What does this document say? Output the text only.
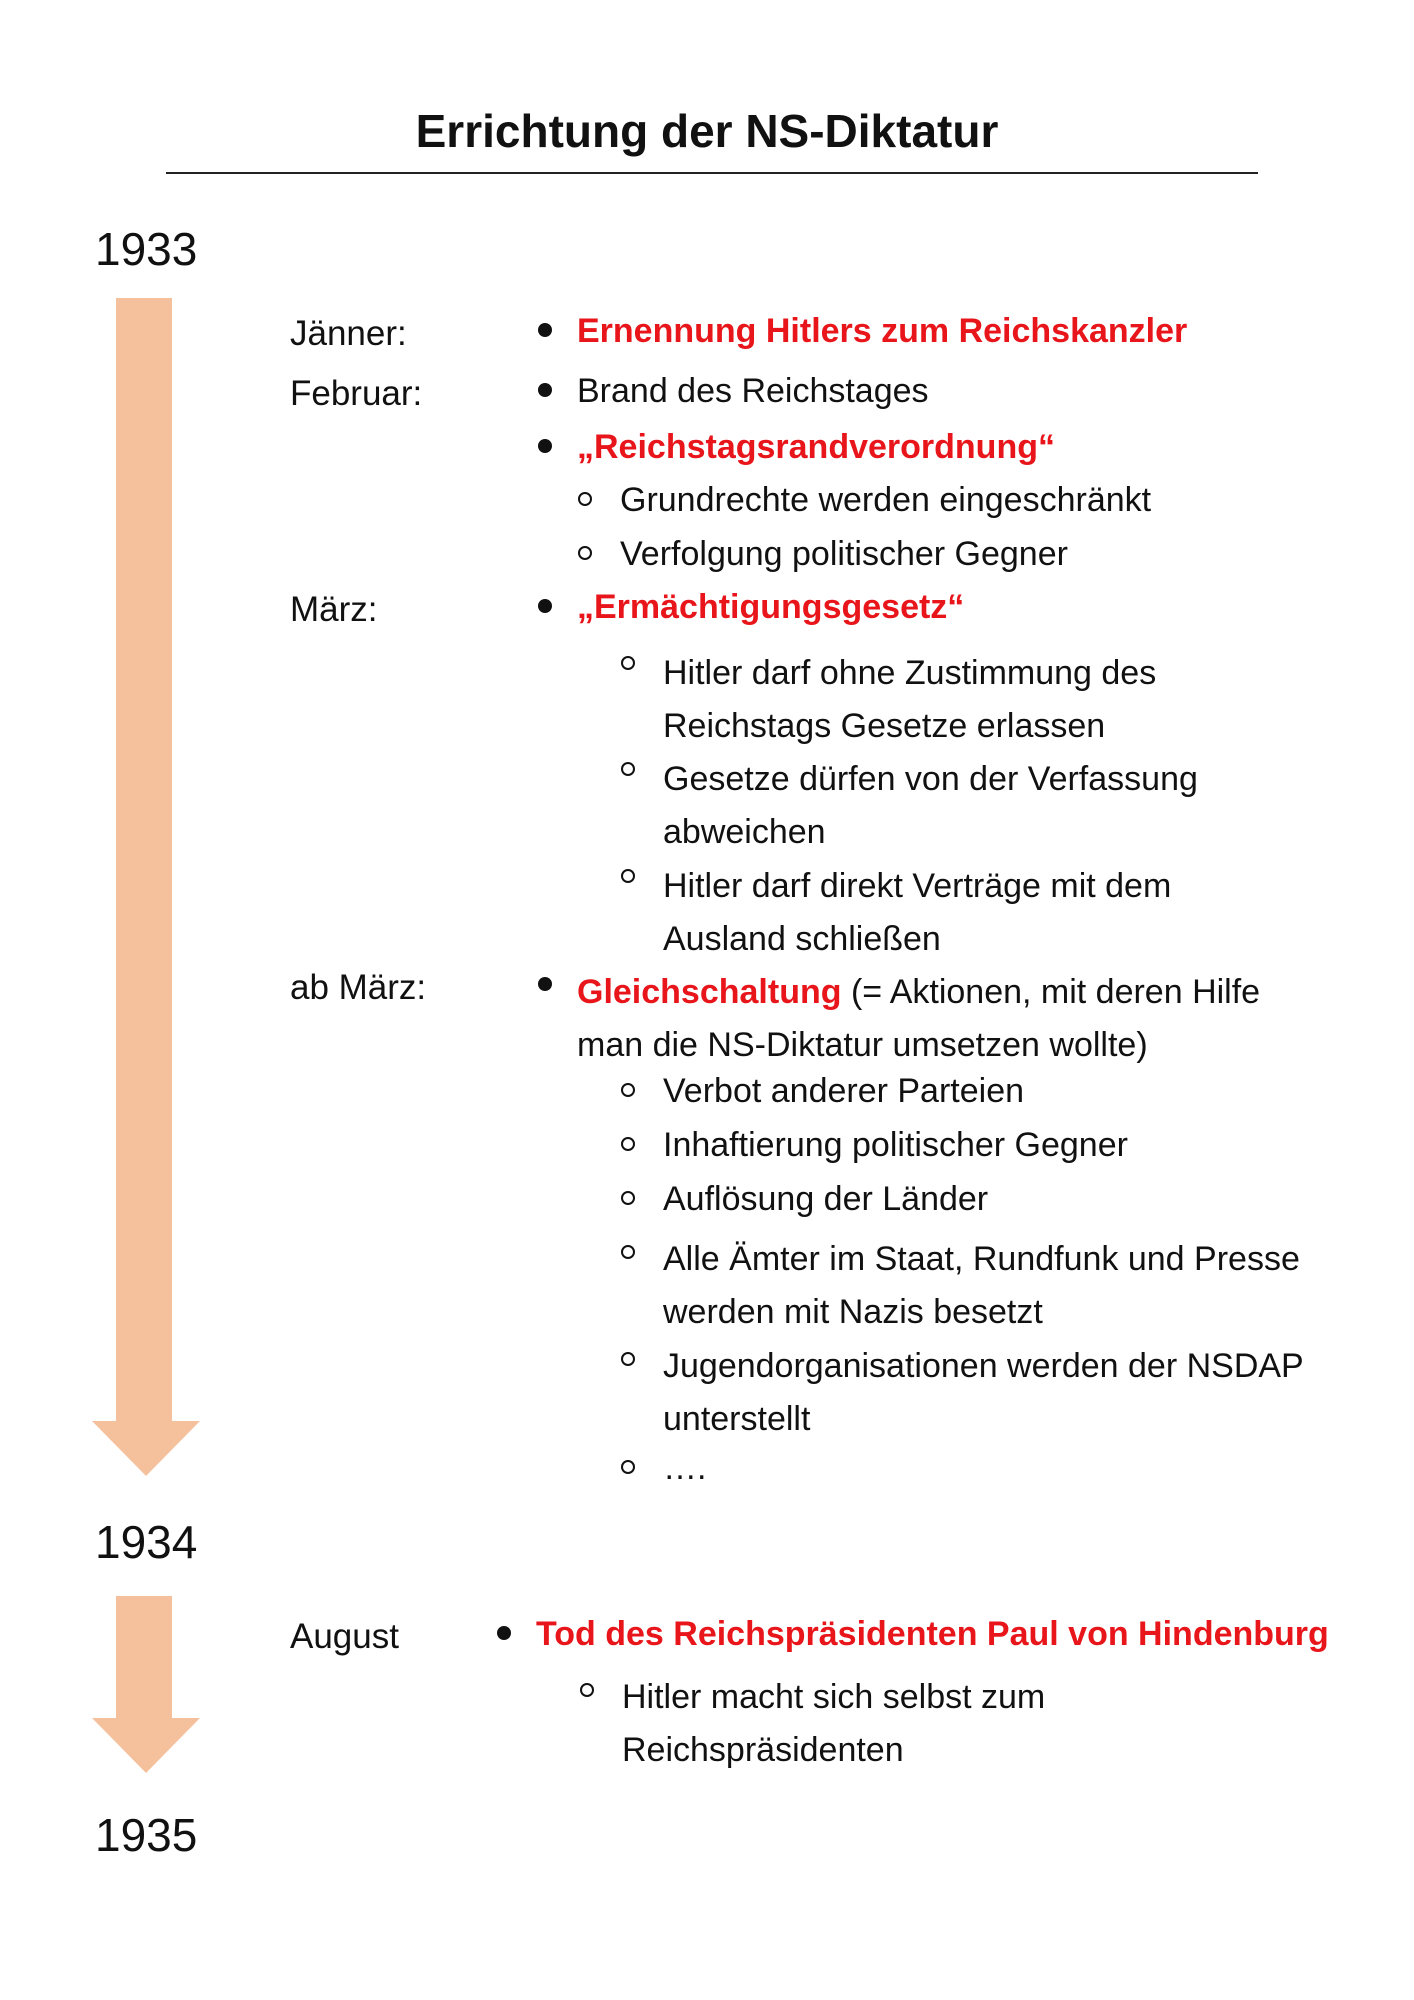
Errichtung der NS-Diktatur
1933
1934
1935
Jänner:
Februar:
März:
ab März:
August
Ernennung Hitlers zum Reichskanzler
Brand des Reichstages
„Reichstagsrandverordnung“
Grundrechte werden eingeschränkt
Verfolgung politischer Gegner
„Ermächtigungsgesetz“
Hitler darf ohne Zustimmung des Reichstags Gesetze erlassen
Gesetze dürfen von der Verfassung abweichen
Hitler darf direkt Verträge mit dem Ausland schließen
Gleichschaltung (= Aktionen, mit deren Hilfe man die NS-Diktatur umsetzen wollte)
Verbot anderer Parteien
Inhaftierung politischer Gegner
Auflösung der Länder
Alle Ämter im Staat, Rundfunk und Presse werden mit Nazis besetzt
Jugendorganisationen werden der NSDAP unterstellt
….
Tod des Reichspräsidenten Paul von Hindenburg
Hitler macht sich selbst zum Reichspräsidenten
